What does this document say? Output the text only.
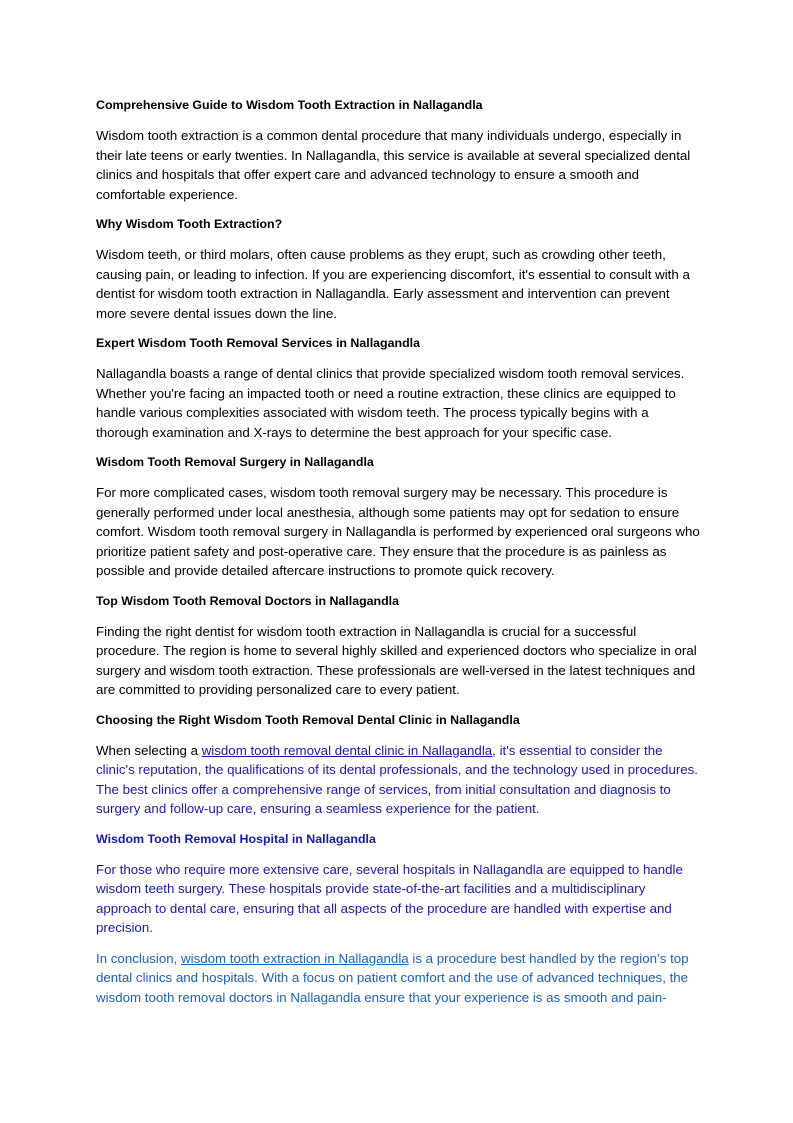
Comprehensive Guide to Wisdom Tooth Extraction in Nallagandla

Wisdom tooth extraction is a common dental procedure that many individuals undergo, especially in their late teens or early twenties. In Nallagandla, this service is available at several specialized dental clinics and hospitals that offer expert care and advanced technology to ensure a smooth and comfortable experience.

Why Wisdom Tooth Extraction?

Wisdom teeth, or third molars, often cause problems as they erupt, such as crowding other teeth, causing pain, or leading to infection. If you are experiencing discomfort, it's essential to consult with a dentist for wisdom tooth extraction in Nallagandla. Early assessment and intervention can prevent more severe dental issues down the line.

Expert Wisdom Tooth Removal Services in Nallagandla

Nallagandla boasts a range of dental clinics that provide specialized wisdom tooth removal services. Whether you're facing an impacted tooth or need a routine extraction, these clinics are equipped to handle various complexities associated with wisdom teeth. The process typically begins with a thorough examination and X-rays to determine the best approach for your specific case.

Wisdom Tooth Removal Surgery in Nallagandla

For more complicated cases, wisdom tooth removal surgery may be necessary. This procedure is generally performed under local anesthesia, although some patients may opt for sedation to ensure comfort. Wisdom tooth removal surgery in Nallagandla is performed by experienced oral surgeons who prioritize patient safety and post-operative care. They ensure that the procedure is as painless as possible and provide detailed aftercare instructions to promote quick recovery.

Top Wisdom Tooth Removal Doctors in Nallagandla

Finding the right dentist for wisdom tooth extraction in Nallagandla is crucial for a successful procedure. The region is home to several highly skilled and experienced doctors who specialize in oral surgery and wisdom tooth extraction. These professionals are well-versed in the latest techniques and are committed to providing personalized care to every patient.

Choosing the Right Wisdom Tooth Removal Dental Clinic in Nallagandla

When selecting a wisdom tooth removal dental clinic in Nallagandla, it's essential to consider the clinic's reputation, the qualifications of its dental professionals, and the technology used in procedures. The best clinics offer a comprehensive range of services, from initial consultation and diagnosis to surgery and follow-up care, ensuring a seamless experience for the patient.

Wisdom Tooth Removal Hospital in Nallagandla

For those who require more extensive care, several hospitals in Nallagandla are equipped to handle wisdom teeth surgery. These hospitals provide state-of-the-art facilities and a multidisciplinary approach to dental care, ensuring that all aspects of the procedure are handled with expertise and precision.

In conclusion, wisdom tooth extraction in Nallagandla is a procedure best handled by the region’s top dental clinics and hospitals. With a focus on patient comfort and the use of advanced techniques, the wisdom tooth removal doctors in Nallagandla ensure that your experience is as smooth and pain-
